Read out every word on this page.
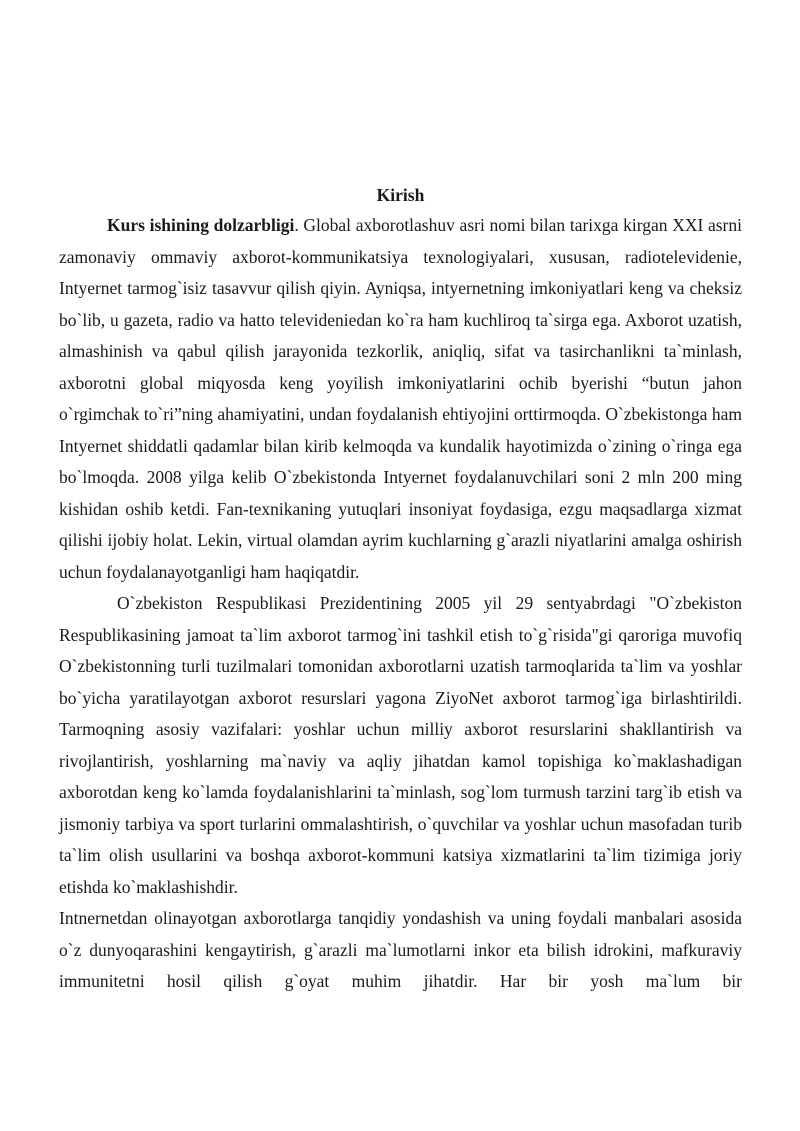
Kirish

Kurs ishining dolzarbligi. Global axborotlashuv asri nomi bilan tarixga kirgan XXI asrni zamonaviy ommaviy axborot-kommunikatsiya texnologiyalari, xususan, radiotelevidenie, Intyernet tarmog`isiz tasavvur qilish qiyin. Ayniqsa, intyernetning imkoniyatlari keng va cheksiz bo`lib, u gazeta, radio va hatto televideniedan ko`ra ham kuchliroq ta`sirga ega. Axborot uzatish, almashinish va qabul qilish jarayonida tezkorlik, aniqliq, sifat va tasirchanlikni ta`minlash, axborotni global miqyosda keng yoyilish imkoniyatlarini ochib byerishi “butun jahon o`rgimchak to`ri”ning ahamiyatini, undan foydalanish ehtiyojini orttirmoqda. O`zbekistonga ham Intyernet shiddatli qadamlar bilan kirib kelmoqda va kundalik hayotimizda o`zining o`ringa ega bo`lmoqda. 2008 yilga kelib O`zbekistonda Intyernet foydalanuvchilari soni 2 mln 200 ming kishidan oshib ketdi. Fan-texnikaning yutuqlari insoniyat foydasiga, ezgu maqsadlarga xizmat qilishi ijobiy holat. Lekin, virtual olamdan ayrim kuchlarning g`arazli niyatlarini amalga oshirish uchun foydalanayotganligi ham haqiqatdir.

O`zbekiston Respublikasi Prezidentining 2005 yil 29 sentyabrdagi "O`zbekiston Respublikasining jamoat ta`lim axborot tarmog`ini tashkil etish to`g`risida"gi qaroriga muvofiq O`zbekistonning turli tuzilmalari tomonidan axborotlarni uzatish tarmoqlarida ta`lim va yoshlar bo`yicha yaratilayotgan axborot resurslari yagona ZiyoNet axborot tarmog`iga birlashtirildi. Tarmoqning asosiy vazifalari: yoshlar uchun milliy axborot resurslarini shakllantirish va rivojlantirish, yoshlarning ma`naviy va aqliy jihatdan kamol topishiga ko`maklashadigan axborotdan keng ko`lamda foydalanishlarini ta`minlash, sog`lom turmush tarzini targ`ib etish va jismoniy tarbiya va sport turlarini ommalashtirish, o`quvchilar va yoshlar uchun masofadan turib ta`lim olish usullarini va boshqa axborot-kommuni katsiya xizmatlarini ta`lim tizimiga joriy etishda ko`maklashishdir.

Intnernetdan olinayotgan axborotlarga tanqidiy yondashish va uning foydali manbalari asosida o`z dunyoqarashini kengaytirish, g`arazli ma`lumotlarni inkor eta bilish idrokini, mafkuraviy immunitetni hosil qilish g`oyat muhim jihatdir. Har bir yosh ma`lum bir
